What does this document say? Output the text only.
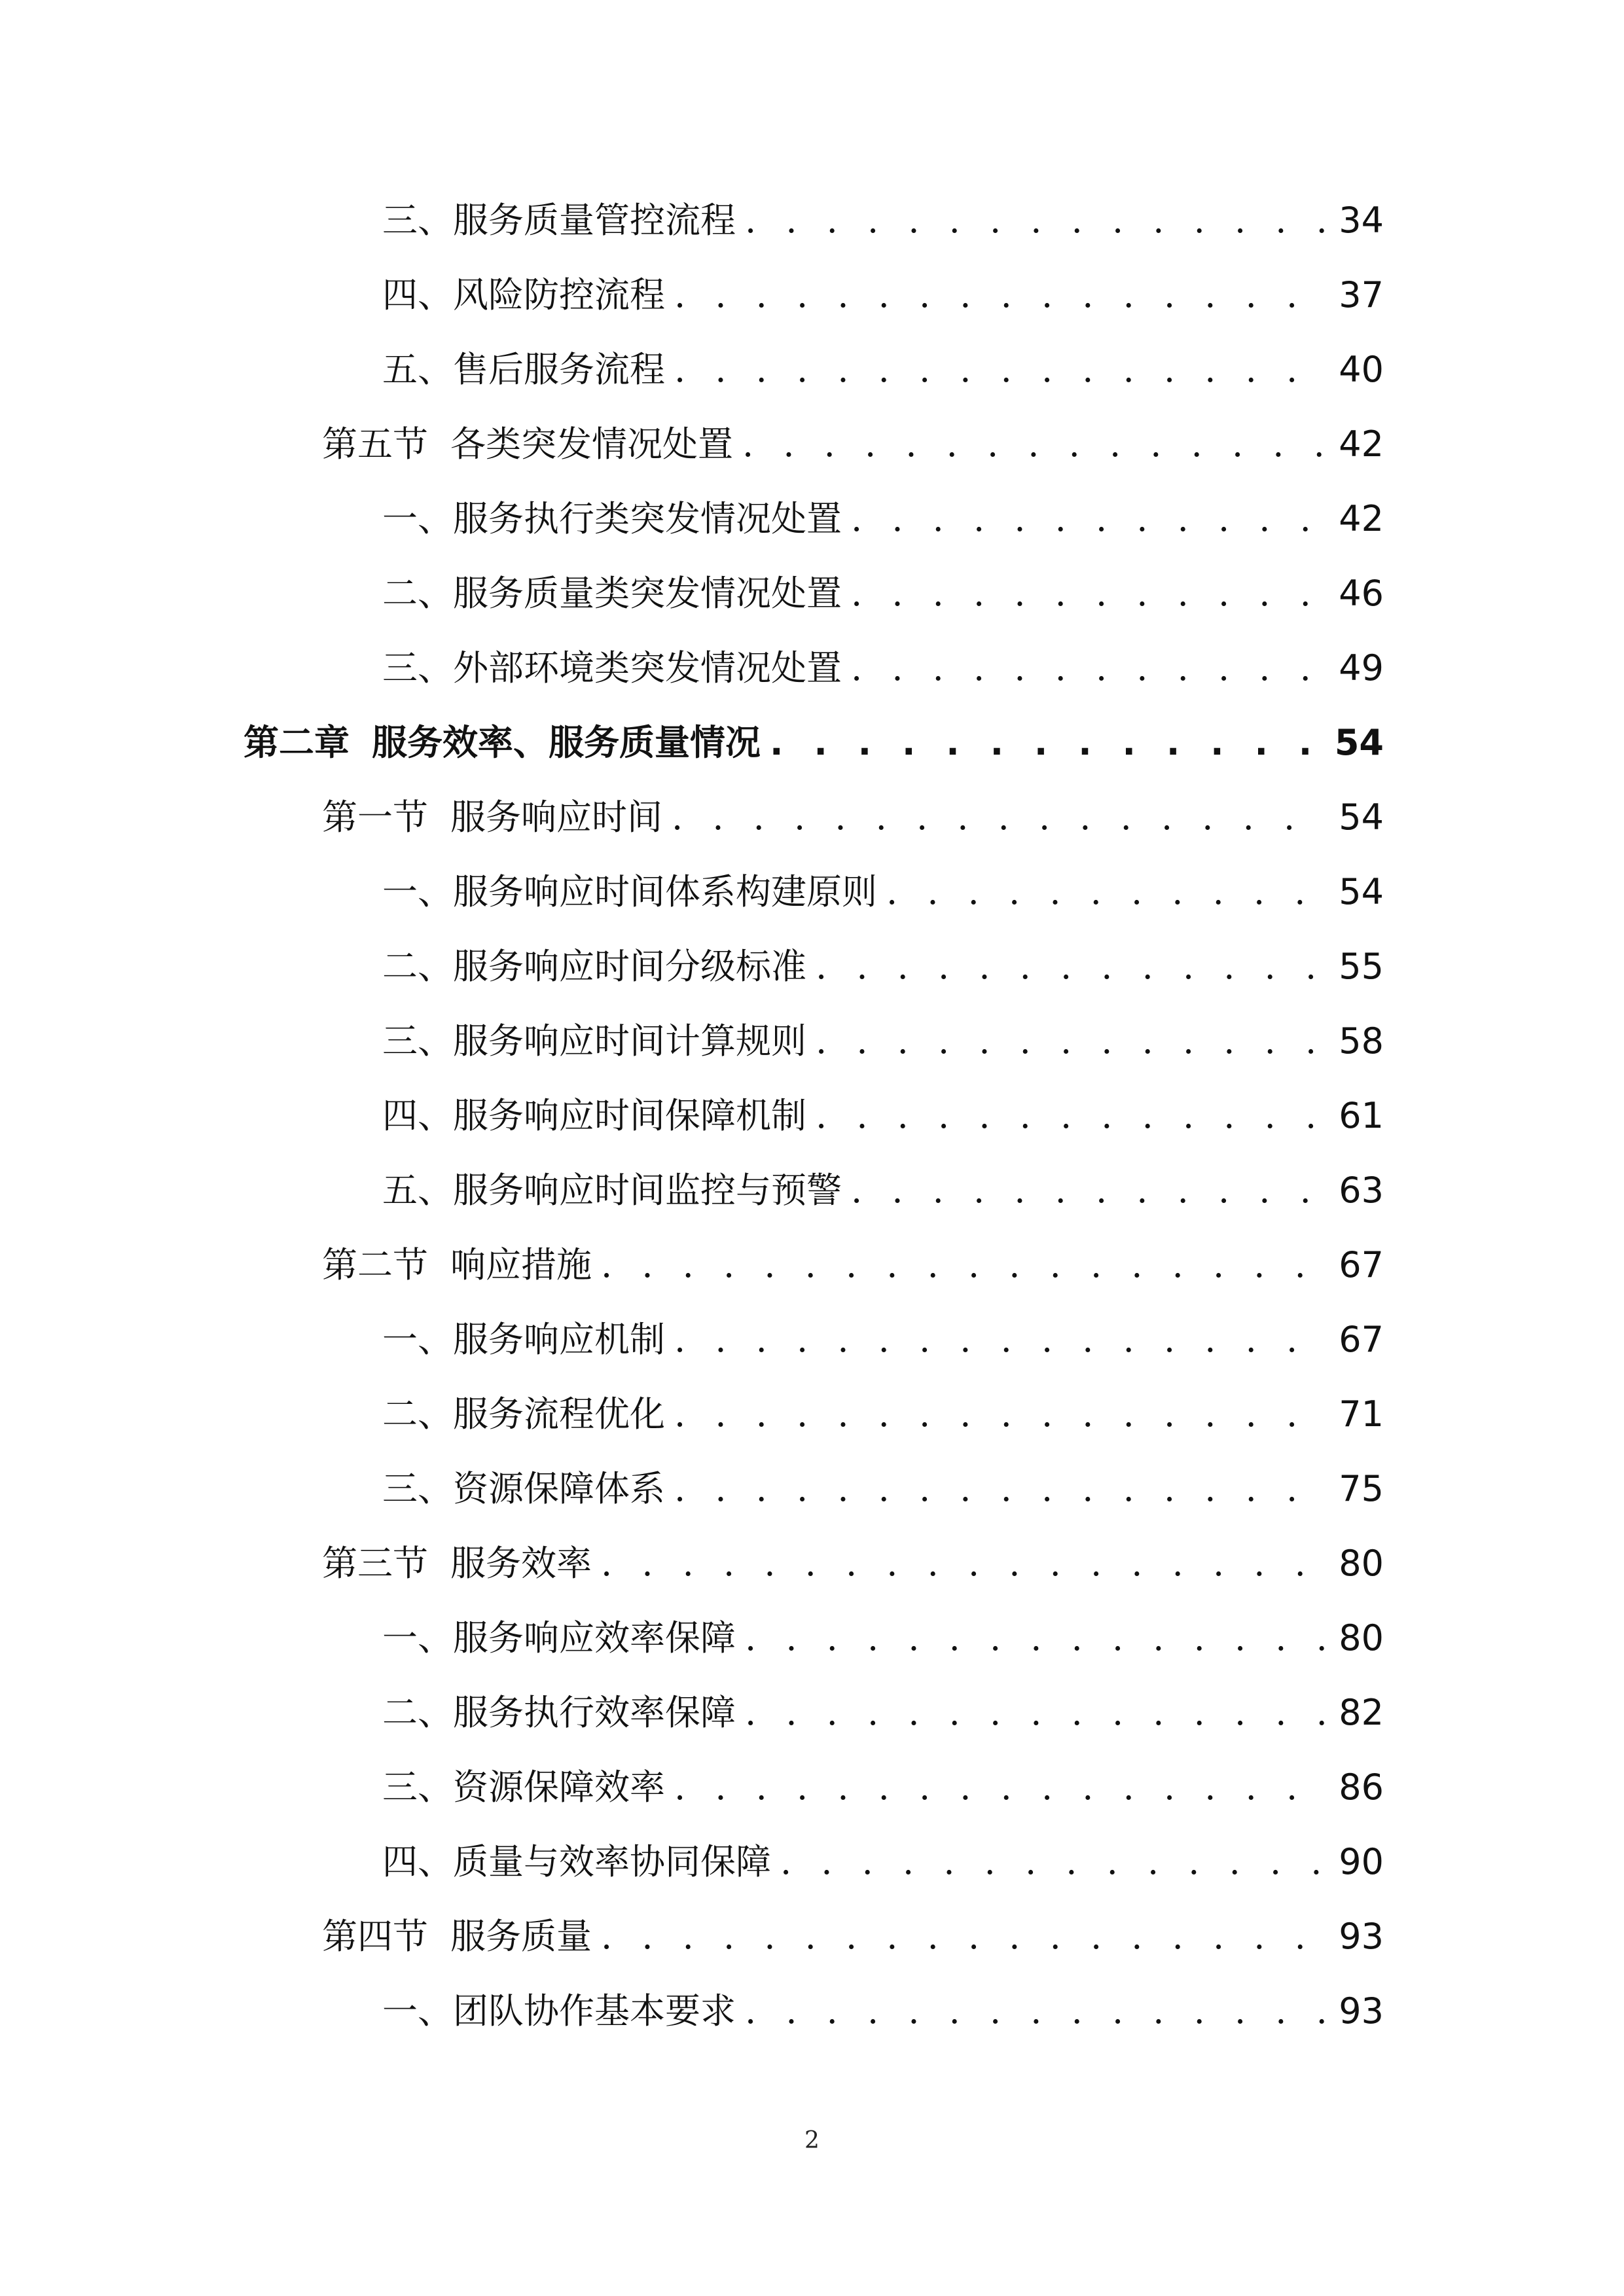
三、 服务质量管控流程 . . .	34
四、 风险防控流程 . . .	37
五、 售后服务流程 . . .	40
第五节 各类突发情况处置 . . .	42
一、 服务执行类突发情况处置 . . .	42
二、 服务质量类突发情况处置 . . .	46
三、 外部环境类突发情况处置 . . .	49
第二章 服务效率、服务质量情况 . . .	54
第一节 服务响应时间 . . .	54
一、 服务响应时间体系构建原则 . . .	54
二、 服务响应时间分级标准 . . .	55
三、 服务响应时间计算规则 . . .	58
四、 服务响应时间保障机制 . . .	61
五、 服务响应时间监控与预警 . . .	63
第二节 响应措施 . . .	67
一、 服务响应机制 . . .	67
二、 服务流程优化 . . .	71
三、 资源保障体系 . . .	75
第三节 服务效率 . . .	80
一、 服务响应效率保障 . . .	80
二、 服务执行效率保障 . . .	82
三、 资源保障效率 . . .	86
四、 质量与效率协同保障 . . .	90
第四节 服务质量 . . .	93
一、 团队协作基本要求 . . .	93
2
